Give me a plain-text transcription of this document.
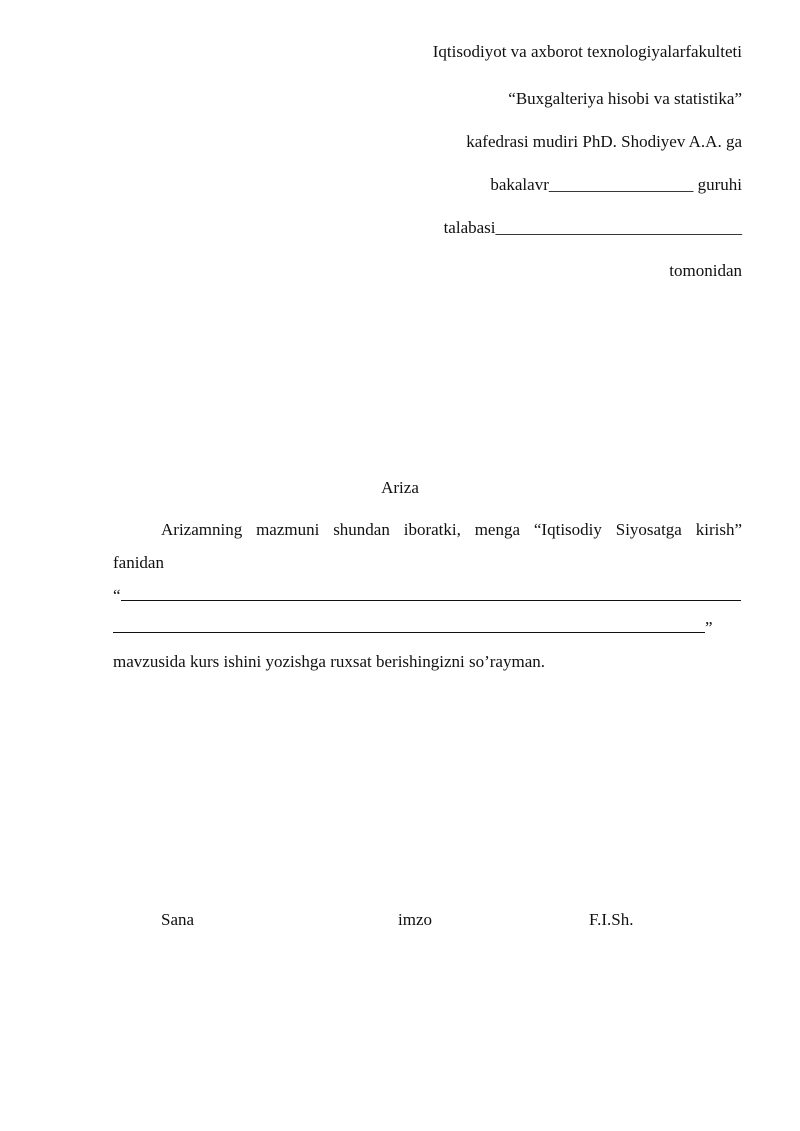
Iqtisodiyot va axborot texnologiyalarfakulteti
“Buxgalteriya hisobi va statistika”
kafedrasi mudiri PhD. Shodiyev A.A. ga
bakalavr_________________ guruhi
talabasi_____________________________
tomonidan
Ariza
Arizamning mazmuni shundan iboratki, menga “Iqtisodiy Siyosatga kirish”
fanidan
“
”
mavzusida kurs ishini yozishga ruxsat berishingizni so’rayman.
Sana	imzo	F.I.Sh.
